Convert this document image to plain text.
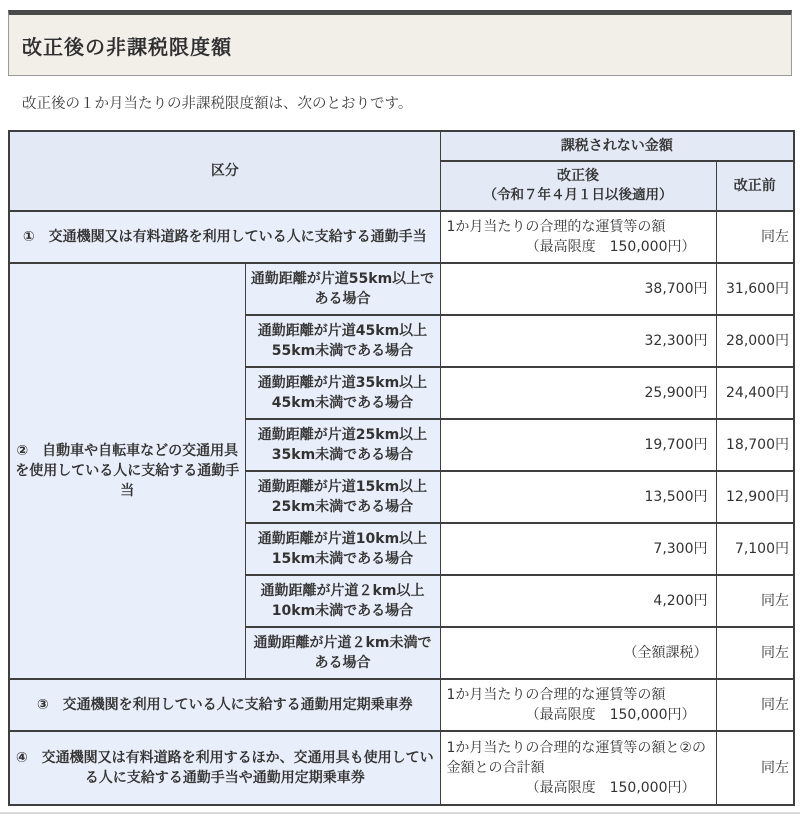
改正後の非課税限度額

改正後の１か月当たりの非課税限度額は、次のとおりです。

区分		課税されない金額	

		改正後
（令和７年４月１日以後適用）	改正前
①　交通機関又は有料道路を利用している人に支給する通勤手当		1か月当たりの合理的な運賃等の額
（最高限度　150,000円）	同左
②　自動車や自転車などの交通用具を使用している人に支給する通勤手当	通勤距離が片道55km以上である場合	38,700円	31,600円
	通勤距離が片道45km以上55km未満である場合	32,300円	28,000円
	通勤距離が片道35km以上45km未満である場合	25,900円	24,400円
	通勤距離が片道25km以上35km未満である場合	19,700円	18,700円
	通勤距離が片道15km以上25km未満である場合	13,500円	12,900円
	通勤距離が片道10km以上15km未満である場合	7,300円	7,100円
	通勤距離が片道２km以上10km未満である場合	4,200円	同左
	通勤距離が片道２km未満である場合	（全額課税）	同左
③　交通機関を利用している人に支給する通勤用定期乗車券		1か月当たりの合理的な運賃等の額
（最高限度　150,000円）	同左
④　交通機関又は有料道路を利用するほか、交通用具も使用している人に支給する通勤手当や通勤用定期乗車券		1か月当たりの合理的な運賃等の額と②の金額との合計額
（最高限度　150,000円）	同左
